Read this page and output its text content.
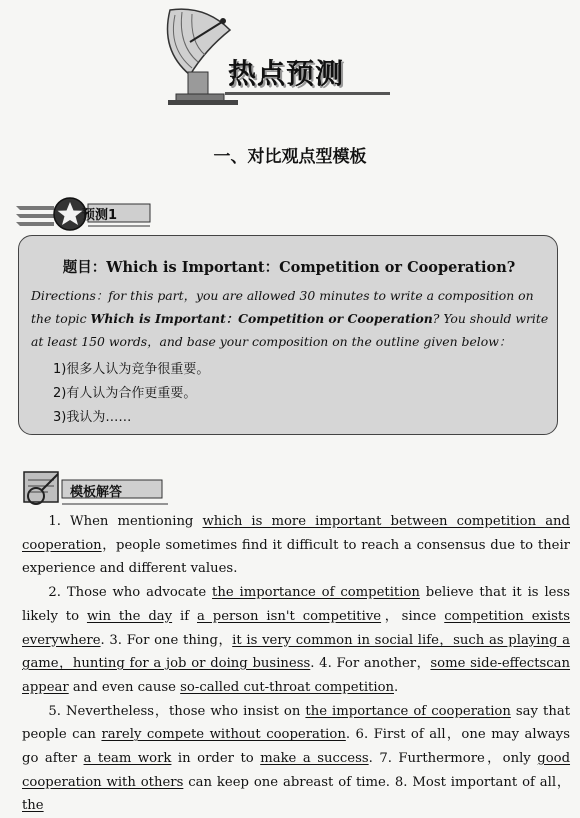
热点预测
一、对比观点型模板
预测1
题目：Which is Important：Competition or Cooperation?
Directions：for this part，you are allowed 30 minutes to write a composition on the topic Which is Important：Competition or Cooperation? You should write at least 150 words，and base your composition on the outline given below：
1)很多人认为竞争很重要。
2)有人认为合作更重要。
3)我认为……
模板解答

1. When mentioning which is more important between competition and cooperation，people sometimes find it difficult to reach a consensus due to their experience and different values.

2. Those who advocate the importance of competition believe that it is less likely to win the day if a person isn't competitive，since competition exists everywhere. 3. For one thing，it is very common in social life，such as playing a game，hunting for a job or doing business. 4. For another，some side-effectscan appear and even cause so-called cut-throat competition.

5. Nevertheless，those who insist on the importance of cooperation say that people can rarely compete without cooperation. 6. First of all，one may always go after a team work in order to make a success. 7. Furthermore，only good cooperation with others can keep one abreast of time. 8. Most important of all，the
